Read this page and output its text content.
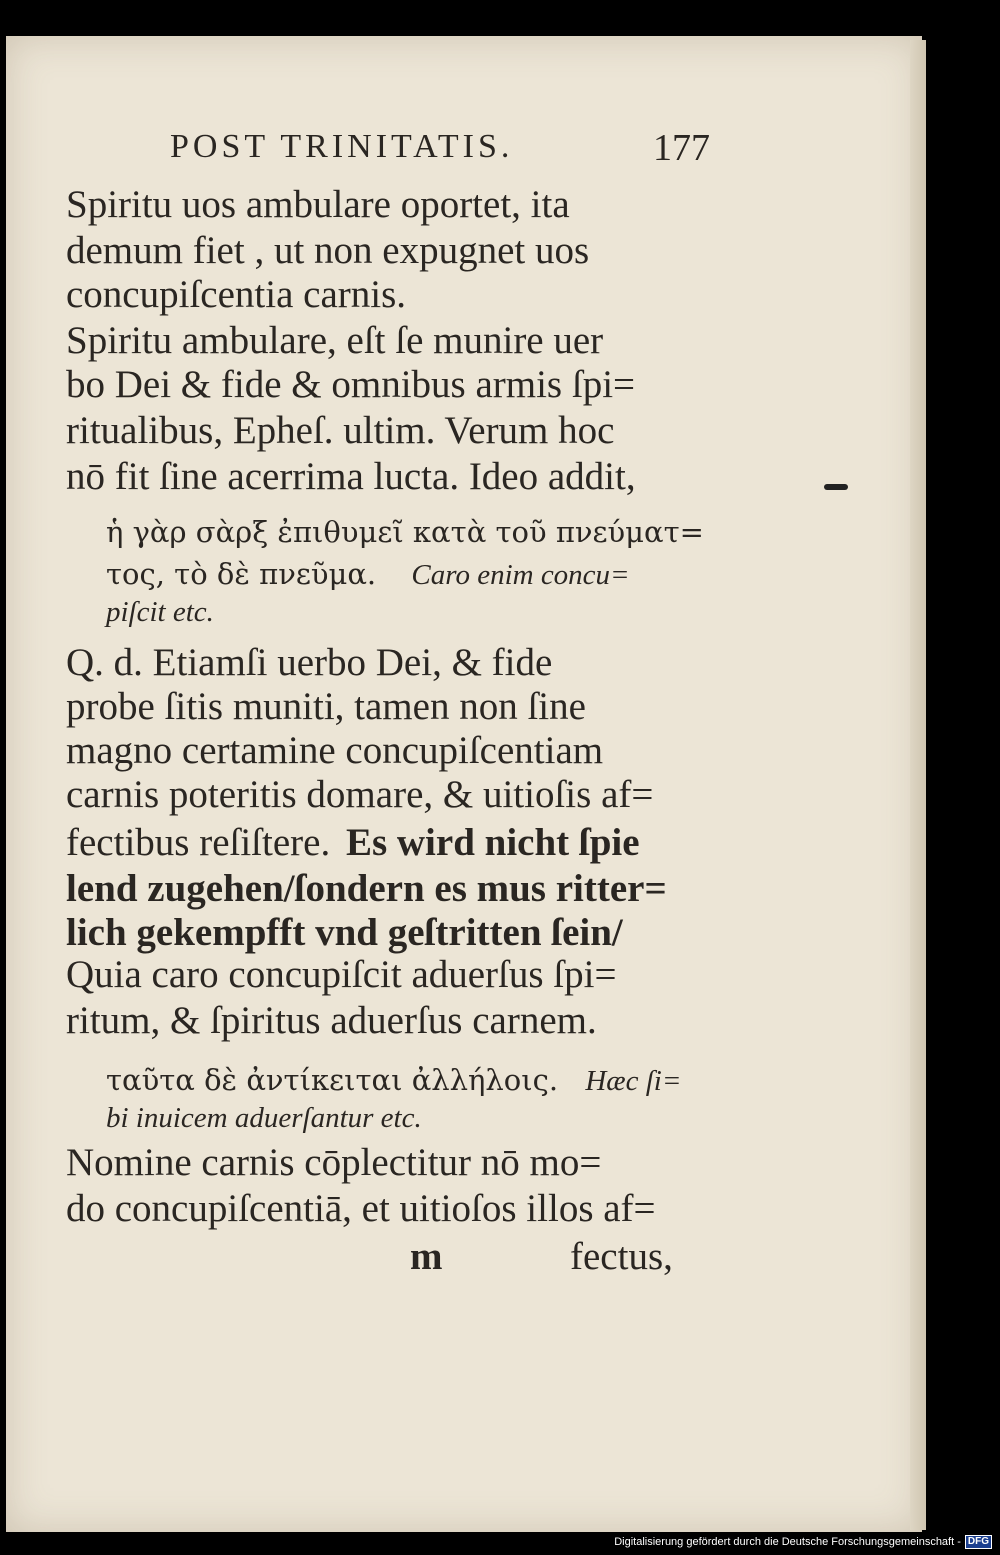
POST TRINITATIS.	177
Spiritu uos ambulare oportet, ita
demum fiet , ut non expugnet uos
concupiſcentia carnis.
Spiritu ambulare, eſt ſe munire uer
bo Dei & fide & omnibus armis ſpi=
ritualibus, Epheſ. ultim. Verum hoc
nō fit ſine acerrima lucta. Ideo addit,
ἡ γὰρ σὰρξ ἐπιθυμεῖ κατὰ τοῦ πνεύματ=
τος, τὸ δὲ πνεῦμα. Caro enim concu=
piſcit etc.
Q. d. Etiamſi uerbo Dei, & fide
probe ſitis muniti, tamen non ſine
magno certamine concupiſcentiam
carnis poteritis domare, & uitioſis af=
fectibus reſiſtere. Es wird nicht ſpie
lend zugehen/ſondern es mus ritter=
lich gekempfft vnd geſtritten ſein/
Quia caro concupiſcit aduerſus ſpi=
ritum, & ſpiritus aduerſus carnem.
ταῦτα δὲ ἀντίκειται ἀλλήλοις. Hæc ſi=
bi inuicem aduerſantur etc.
Nomine carnis cōplectitur nō mo=
do concupiſcentiā, et uitioſos illos af=
m	fectus,
Digitalisierung gefördert durch die Deutsche Forschungsgemeinschaft - DFG
